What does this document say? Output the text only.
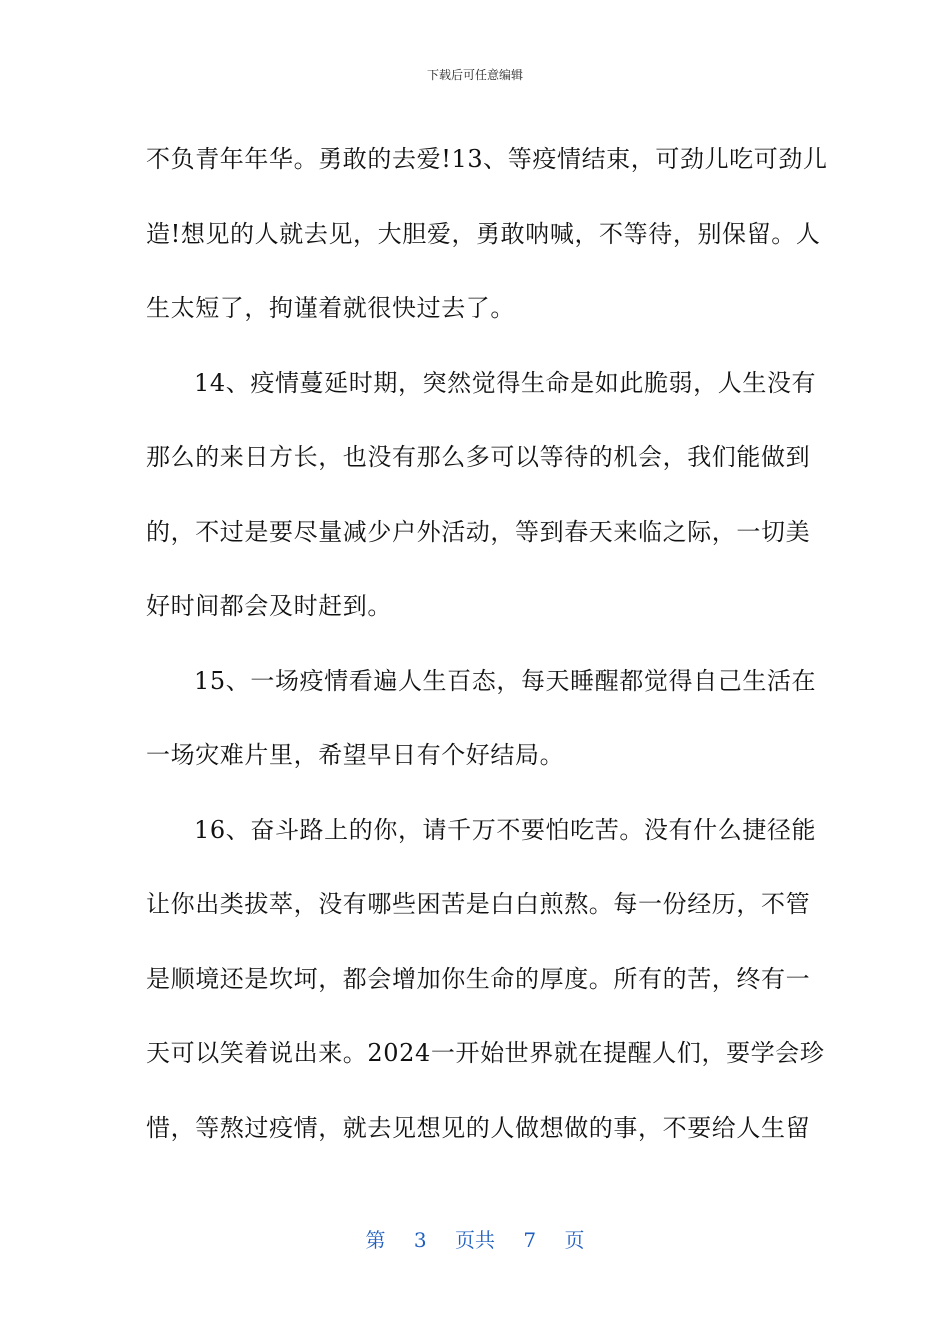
下载后可任意编辑
不负青年年华。勇敢的去爱!13、等疫情结束，可劲儿吃可劲儿
造!想见的人就去见，大胆爱，勇敢呐喊，不等待，别保留。人
生太短了，拘谨着就很快过去了。
14、疫情蔓延时期，突然觉得生命是如此脆弱，人生没有
那么的来日方长，也没有那么多可以等待的机会，我们能做到
的，不过是要尽量减少户外活动，等到春天来临之际，一切美
好时间都会及时赶到。
15、一场疫情看遍人生百态，每天睡醒都觉得自己生活在
一场灾难片里，希望早日有个好结局。
16、奋斗路上的你，请千万不要怕吃苦。没有什么捷径能
让你出类拔萃，没有哪些困苦是白白煎熬。每一份经历，不管
是顺境还是坎坷，都会增加你生命的厚度。所有的苦，终有一
天可以笑着说出来。2024一开始世界就在提醒人们，要学会珍
惜，等熬过疫情，就去见想见的人做想做的事，不要给人生留
第 3 页共 7 页
